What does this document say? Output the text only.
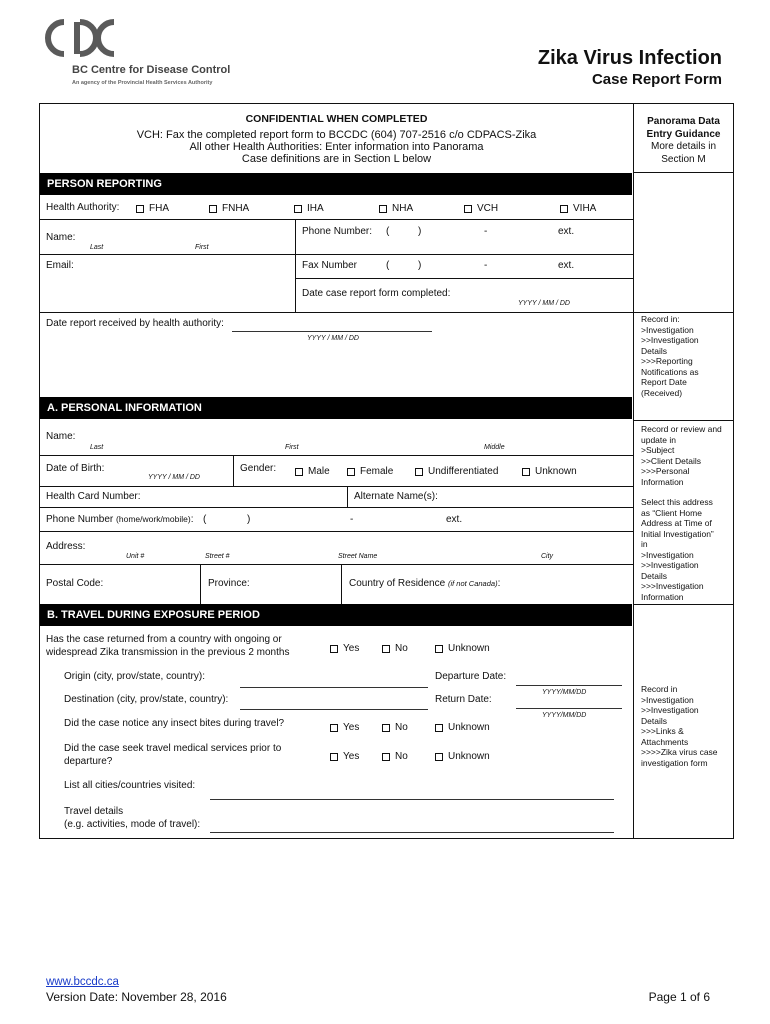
BC Centre for Disease Control
An agency of the Provincial Health Services Authority
Zika Virus Infection
Case Report Form
CONFIDENTIAL WHEN COMPLETED
VCH: Fax the completed report form to BCCDC (604) 707-2516 c/o CDPACS-Zika
All other Health Authorities: Enter information into Panorama
Case definitions are in Section L below
Panorama Data
Entry Guidance
More details in
Section M
PERSON REPORTING
Health Authority:	FHA	FNHA	IHA	NHA	VCH	VIHA
Name:
Last	First
Phone Number: (	)	-	ext.
Email:	Fax Number	(	)	-	ext.
Date case report form completed:
YYYY / MM / DD
Date report received by health authority:
YYYY / MM / DD
Record in:
>Investigation
>>Investigation
Details
>>>Reporting
Notifications as
Report Date
(Received)
A. PERSONAL INFORMATION
Name:
Last	First	Middle
Date of Birth:
YYYY / MM / DD
Gender:	Male	Female	Undifferentiated	Unknown
Health Card Number:	Alternate Name(s):
Phone Number (home/work/mobile): (	)	-	ext.
Address:
Unit #	Street #	Street Name	City
Postal Code:	Province:	Country of Residence (if not Canada):
Record or review and
update in
>Subject
>>Client Details
>>>Personal
Information
Select this address
as “Client Home
Address at Time of
Initial Investigation”
in
>Investigation
>>Investigation
Details
>>>Investigation
Information
B. TRAVEL DURING EXPOSURE PERIOD
Has the case returned from a country with ongoing or
widespread Zika transmission in the previous 2 months	Yes	No	Unknown
Origin (city, prov/state, country):	Departure Date:
YYYY/MM/DD
Destination (city, prov/state, country):	Return Date:
YYYY/MM/DD
Did the case notice any insect bites during travel?	Yes	No	Unknown
Did the case seek travel medical services prior to
departure?	Yes	No	Unknown
List all cities/countries visited:
Travel details
(e.g. activities, mode of travel):
Record in
>Investigation
>>Investigation
Details
>>>Links &
Attachments
>>>>Zika virus case
investigation form
www.bccdc.ca
Version Date: November 28, 2016	Page 1 of 6
